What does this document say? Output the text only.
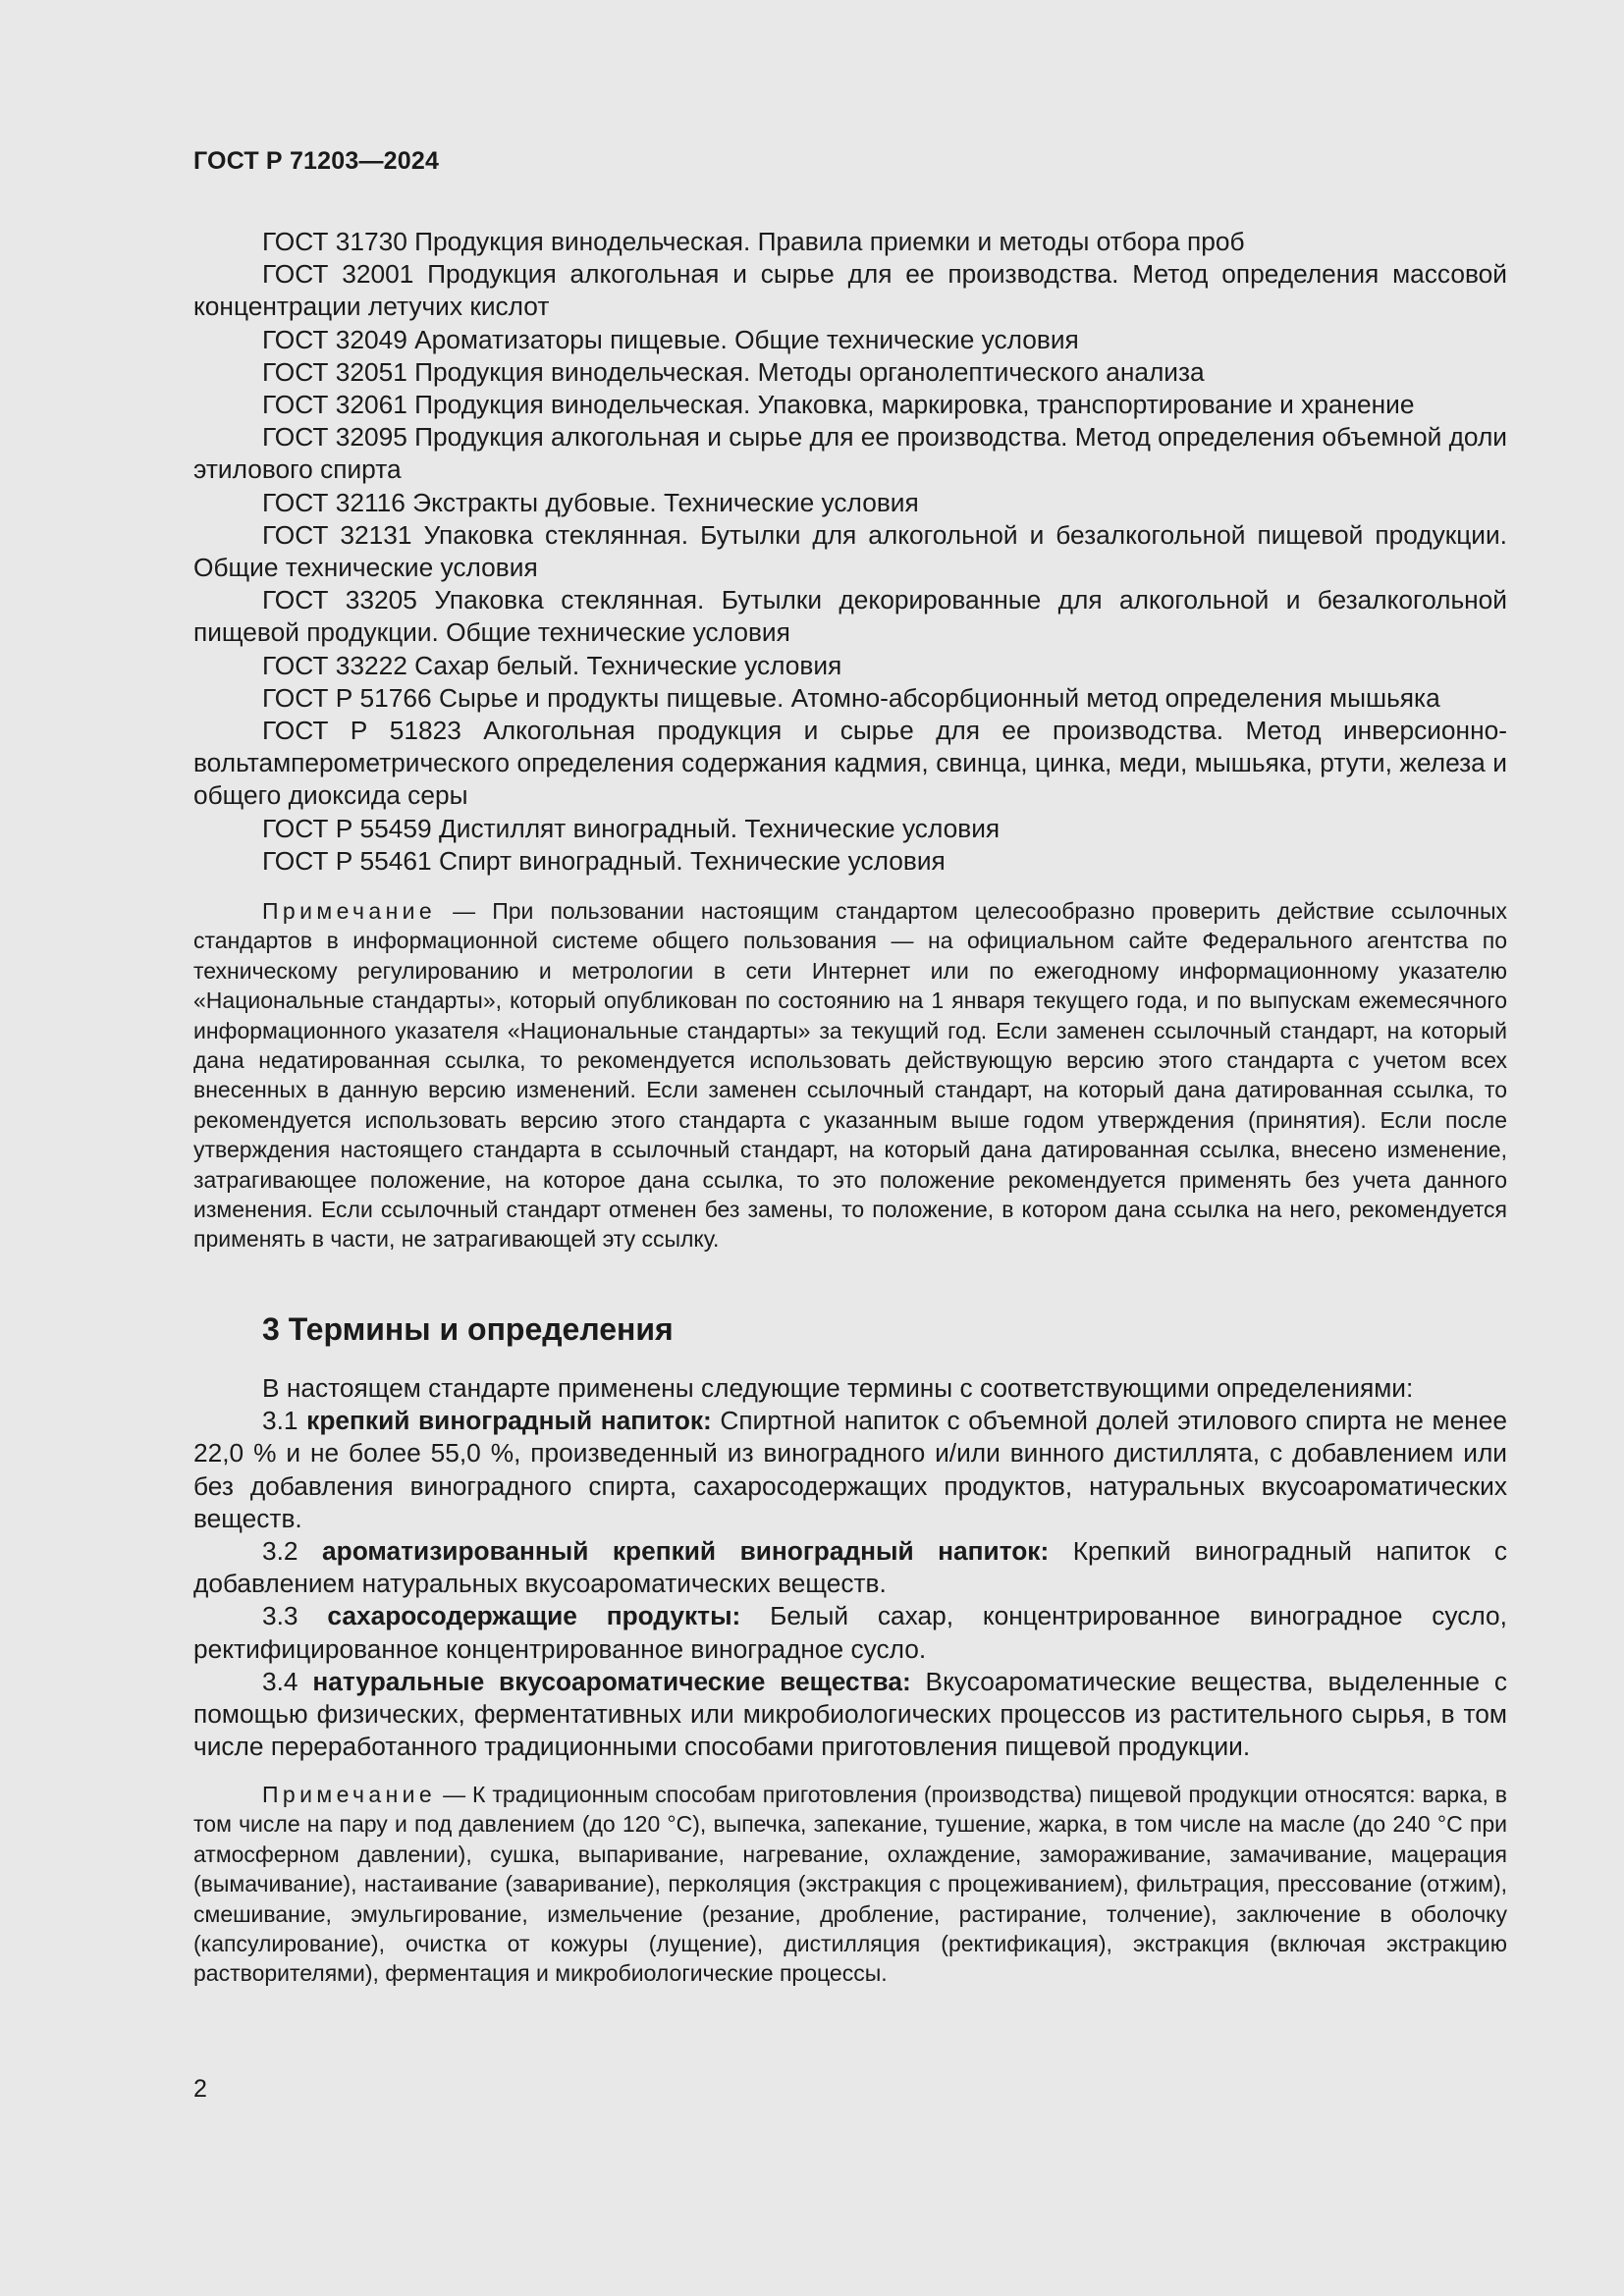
ГОСТ Р 71203—2024

ГОСТ 31730 Продукция винодельческая. Правила приемки и методы отбора проб

ГОСТ 32001 Продукция алкогольная и сырье для ее производства. Метод определения массовой концентрации летучих кислот

ГОСТ 32049 Ароматизаторы пищевые. Общие технические условия

ГОСТ 32051 Продукция винодельческая. Методы органолептического анализа

ГОСТ 32061 Продукция винодельческая. Упаковка, маркировка, транспортирование и хранение

ГОСТ 32095 Продукция алкогольная и сырье для ее производства. Метод определения объемной доли этилового спирта

ГОСТ 32116 Экстракты дубовые. Технические условия

ГОСТ 32131 Упаковка стеклянная. Бутылки для алкогольной и безалкогольной пищевой продукции. Общие технические условия

ГОСТ 33205 Упаковка стеклянная. Бутылки декорированные для алкогольной и безалкогольной пищевой продукции. Общие технические условия

ГОСТ 33222 Сахар белый. Технические условия

ГОСТ Р 51766 Сырье и продукты пищевые. Атомно-абсорбционный метод определения мышьяка

ГОСТ Р 51823 Алкогольная продукция и сырье для ее производства. Метод инверсионно-вольтамперометрического определения содержания кадмия, свинца, цинка, меди, мышьяка, ртути, железа и общего диоксида серы

ГОСТ Р 55459 Дистиллят виноградный. Технические условия

ГОСТ Р 55461 Спирт виноградный. Технические условия

Примечание — При пользовании настоящим стандартом целесообразно проверить действие ссылочных стандартов в информационной системе общего пользования — на официальном сайте Федерального агентства по техническому регулированию и метрологии в сети Интернет или по ежегодному информационному указателю «Национальные стандарты», который опубликован по состоянию на 1 января текущего года, и по выпускам ежемесячного информационного указателя «Национальные стандарты» за текущий год. Если заменен ссылочный стандарт, на который дана недатированная ссылка, то рекомендуется использовать действующую версию этого стандарта с учетом всех внесенных в данную версию изменений. Если заменен ссылочный стандарт, на который дана датированная ссылка, то рекомендуется использовать версию этого стандарта с указанным выше годом утверждения (принятия). Если после утверждения настоящего стандарта в ссылочный стандарт, на который дана датированная ссылка, внесено изменение, затрагивающее положение, на которое дана ссылка, то это положение рекомендуется применять без учета данного изменения. Если ссылочный стандарт отменен без замены, то положение, в котором дана ссылка на него, рекомендуется применять в части, не затрагивающей эту ссылку.

3 Термины и определения

В настоящем стандарте применены следующие термины с соответствующими определениями:

3.1 крепкий виноградный напиток: Спиртной напиток с объемной долей этилового спирта не менее 22,0 % и не более 55,0 %, произведенный из виноградного и/или винного дистиллята, с добавлением или без добавления виноградного спирта, сахаросодержащих продуктов, натуральных вкусоароматических веществ.

3.2 ароматизированный крепкий виноградный напиток: Крепкий виноградный напиток с добавлением натуральных вкусоароматических веществ.

3.3 сахаросодержащие продукты: Белый сахар, концентрированное виноградное сусло, ректифицированное концентрированное виноградное сусло.

3.4 натуральные вкусоароматические вещества: Вкусоароматические вещества, выделенные с помощью физических, ферментативных или микробиологических процессов из растительного сырья, в том числе переработанного традиционными способами приготовления пищевой продукции.

Примечание — К традиционным способам приготовления (производства) пищевой продукции относятся: варка, в том числе на пару и под давлением (до 120 °С), выпечка, запекание, тушение, жарка, в том числе на масле (до 240 °С при атмосферном давлении), сушка, выпаривание, нагревание, охлаждение, замораживание, замачивание, мацерация (вымачивание), настаивание (заваривание), перколяция (экстракция с процеживанием), фильтрация, прессование (отжим), смешивание, эмульгирование, измельчение (резание, дробление, растирание, толчение), заключение в оболочку (капсулирование), очистка от кожуры (лущение), дистилляция (ректификация), экстракция (включая экстракцию растворителями), ферментация и микробиологические процессы.

2
